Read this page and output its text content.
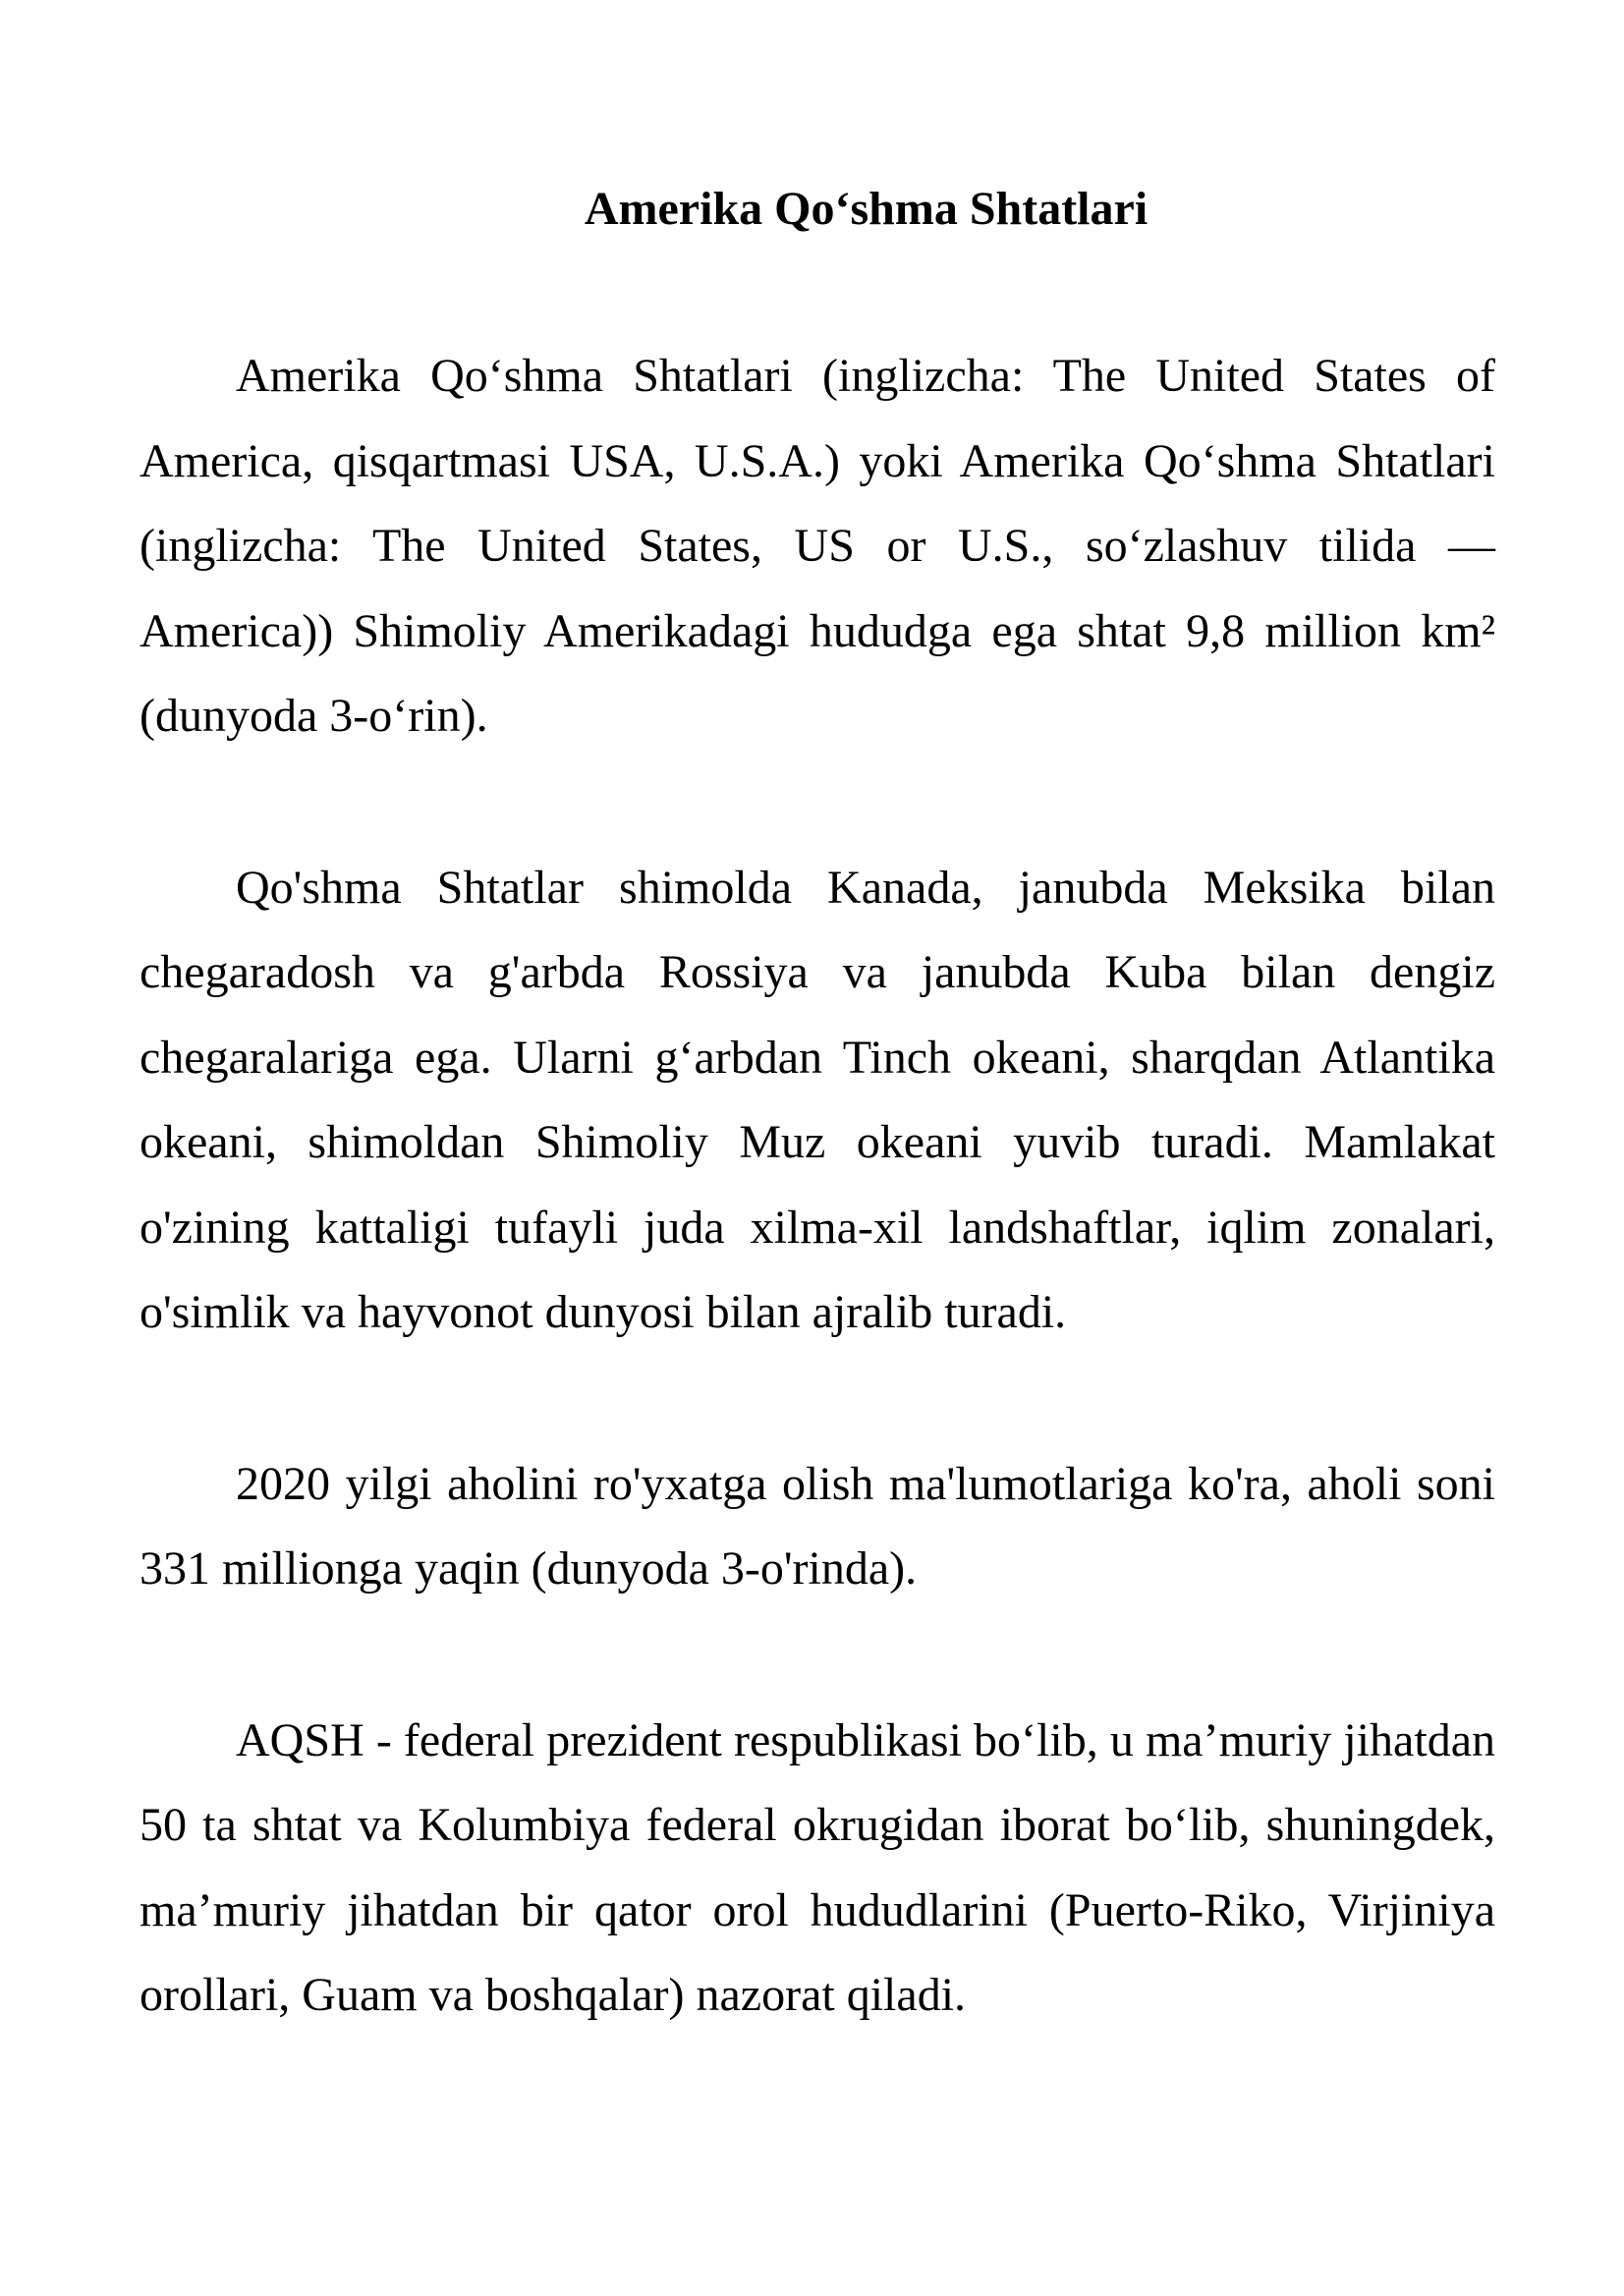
Amerika Qo‘shma Shtatlari

Amerika Qo‘shma Shtatlari (inglizcha: The United States of America, qisqartmasi USA, U.S.A.) yoki Amerika Qo‘shma Shtatlari (inglizcha: The United States, US or U.S., so‘zlashuv tilida — America)) Shimoliy Amerikadagi hududga ega shtat 9,8 million km² (dunyoda 3-o‘rin).

Qo'shma Shtatlar shimolda Kanada, janubda Meksika bilan chegaradosh va g'arbda Rossiya va janubda Kuba bilan dengiz chegaralariga ega. Ularni g‘arbdan Tinch okeani, sharqdan Atlantika okeani, shimoldan Shimoliy Muz okeani yuvib turadi. Mamlakat o'zining kattaligi tufayli juda xilma-xil landshaftlar, iqlim zonalari, o'simlik va hayvonot dunyosi bilan ajralib turadi.

2020 yilgi aholini ro'yxatga olish ma'lumotlariga ko'ra, aholi soni 331 millionga yaqin (dunyoda 3-o'rinda).

AQSH - federal prezident respublikasi bo‘lib, u ma’muriy jihatdan 50 ta shtat va Kolumbiya federal okrugidan iborat bo‘lib, shuningdek, ma’muriy jihatdan bir qator orol hududlarini (Puerto-Riko, Virjiniya orollari, Guam va boshqalar) nazorat qiladi.
